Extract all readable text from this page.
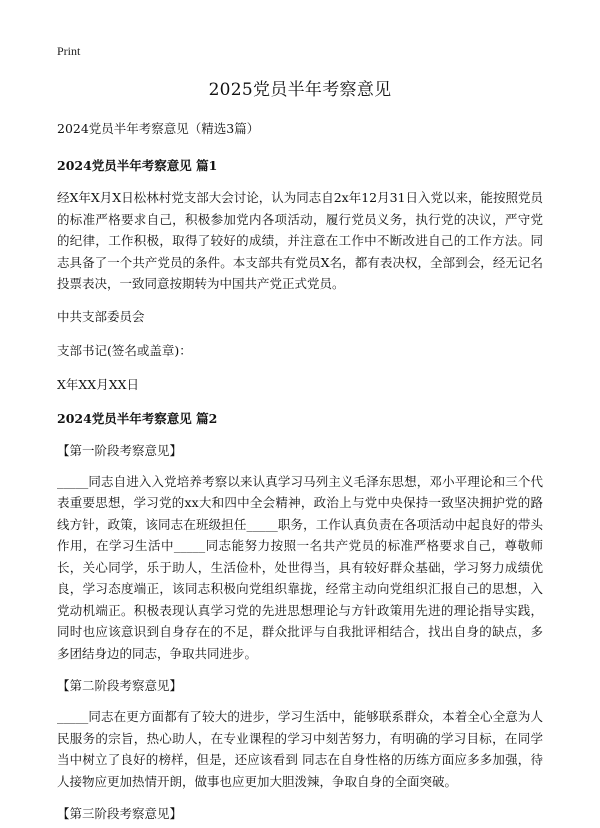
Print
2025党员半年考察意见
2024党员半年考察意见（精选3篇）
2024党员半年考察意见 篇1

经X年X月X日松林村党支部大会讨论，认为同志自2x年12月31日入党以来，能按照党员的标准严格要求自己，积极参加党内各项活动，履行党员义务，执行党的决议，严守党的纪律，工作积极，取得了较好的成绩，并注意在工作中不断改进自己的工作方法。同志具备了一个共产党员的条件。本支部共有党员X名，都有表决权，全部到会，经无记名投票表决，一致同意按期转为中国共产党正式党员。

中共支部委员会
支部书记(签名或盖章)：
X年XX月XX日
2024党员半年考察意见 篇2
【第一阶段考察意见】

_____同志自进入入党培养考察以来认真学习马列主义毛泽东思想，邓小平理论和三个代表重要思想，学习党的xx大和四中全会精神，政治上与党中央保持一致坚决拥护党的路线方针，政策，该同志在班级担任_____职务，工作认真负责在各项活动中起良好的带头作用，在学习生活中_____同志能努力按照一名共产党员的标准严格要求自己，尊敬师长，关心同学，乐于助人，生活俭朴，处世得当，具有较好群众基础，学习努力成绩优良，学习态度端正，该同志积极向党组织靠拢，经常主动向党组织汇报自己的思想，入党动机端正。积极表现认真学习党的先进思想理论与方针政策用先进的理论指导实践，同时也应该意识到自身存在的不足，群众批评与自我批评相结合，找出自身的缺点，多多团结身边的同志，争取共同进步。

【第二阶段考察意见】

_____同志在更方面都有了较大的进步，学习生活中，能够联系群众，本着全心全意为人民服务的宗旨，热心助人，在专业课程的学习中刻苦努力，有明确的学习目标，在同学当中树立了良好的榜样，但是，还应该看到 同志在自身性格的历练方面应多多加强，待人接物应更加热情开朗，做事也应更加大胆泼辣，争取自身的全面突破。

【第三阶段考察意见】
